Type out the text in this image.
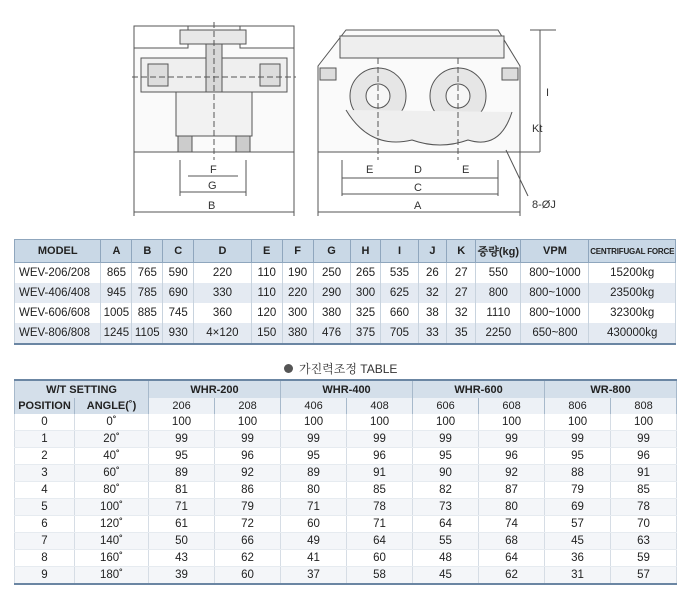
F
G
B
E	D	E
C
A
I
Kt
8-ØJ
MODEL	A	B	C	D	E	F	G	H	I	J	K	중량(kg)	VPM	CENTRIFUGAL FORCE
WEV-206/208	865	765	590	220	110	190	250	265	535	26	27	550	800~1000	15200kg
WEV-406/408	945	785	690	330	110	220	290	300	625	32	27	800	800~1000	23500kg
WEV-606/608	1005	885	745	360	120	300	380	325	660	38	32	1110	800~1000	32300kg
WEV-806/808	1245	1105	930	4×120	150	380	476	375	705	33	35	2250	650~800	430000kg
가진력조정 TABLE
W/T SETTING		WHR-200		WHR-400		WHR-600		WR-800	
POSITION	ANGLE(˚)	206	208	406	408	606	608	806	808
0	0˚	100	100	100	100	100	100	100	100
1	20˚	99	99	99	99	99	99	99	99
2	40˚	95	96	95	96	95	96	95	96
3	60˚	89	92	89	91	90	92	88	91
4	80˚	81	86	80	85	82	87	79	85
5	100˚	71	79	71	78	73	80	69	78
6	120˚	61	72	60	71	64	74	57	70
7	140˚	50	66	49	64	55	68	45	63
8	160˚	43	62	41	60	48	64	36	59
9	180˚	39	60	37	58	45	62	31	57
